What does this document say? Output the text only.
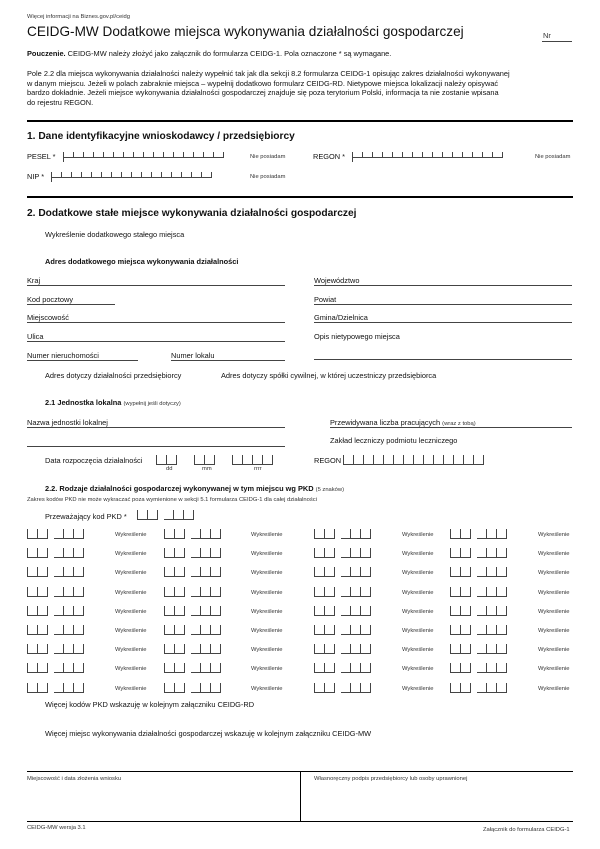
Więcej informacji na Biznes.gov.pl/ceidg
CEIDG-MW Dodatkowe miejsca wykonywania działalności gospodarczej	Nr
Pouczenie. CEIDG-MW należy złożyć jako załącznik do formularza CEIDG-1. Pola oznaczone * są wymagane.
Pole 2.2 dla miejsca wykonywania działalności należy wypełnić tak jak dla sekcji 8.2 formularza CEIDG-1 opisując zakres działalności wykonywanej
w danym miejscu. Jeżeli w polach zabraknie miejsca – wypełnij dodatkowo formularz CEIDG-RD. Nietypowe miejsca lokalizacji należy opisywać
bardzo dokładnie. Jeżeli miejsce wykonywania działalności gospodarczej znajduje się poza terytorium Polski, informacja ta nie zostanie wpisana
do rejestru REGON.
1. Dane identyfikacyjne wnioskodawcy / przedsiębiorcy
PESEL *	Nie posiadam	REGON *	Nie posiadam
NIP *	Nie posiadam
2. Dodatkowe stałe miejsce wykonywania działalności gospodarczej
Wykreślenie dodatkowego stałego miejsca
Adres dodatkowego miejsca wykonywania działalności
Kraj	Województwo
Kod pocztowy	Powiat
Miejscowość	Gmina/Dzielnica
Ulica	Opis nietypowego miejsca
Numer nieruchomości	Numer lokalu
Adres dotyczy działalności przedsiębiorcy	Adres dotyczy spółki cywilnej, w której uczestniczy przedsiębiorca
2.1 Jednostka lokalna (wypełnij jeśli dotyczy)
Nazwa jednostki lokalnej	Przewidywana liczba pracujących (wraz z tobą)
Zakład leczniczy podmiotu leczniczego
Data rozpoczęcia działalności
dd	mm	rrrr
REGON
2.2. Rodzaje działalności gospodarczej wykonywanej w tym miejscu wg PKD (5 znaków)
Zakres kodów PKD nie może wykraczać poza wymienione w sekcji 5.1 formularza CEIDG-1 dla całej działalności
Przeważający kod PKD *
Wykreślenie	Wykreślenie	Wykreślenie	Wykreślenie
Wykreślenie	Wykreślenie	Wykreślenie	Wykreślenie
Wykreślenie	Wykreślenie	Wykreślenie	Wykreślenie
Wykreślenie	Wykreślenie	Wykreślenie	Wykreślenie
Wykreślenie	Wykreślenie	Wykreślenie	Wykreślenie
Wykreślenie	Wykreślenie	Wykreślenie	Wykreślenie
Wykreślenie	Wykreślenie	Wykreślenie	Wykreślenie
Wykreślenie	Wykreślenie	Wykreślenie	Wykreślenie
Wykreślenie	Wykreślenie	Wykreślenie	Wykreślenie
Więcej kodów PKD wskazuję w kolejnym załączniku CEIDG-RD
Więcej miejsc wykonywania działalności gospodarczej wskazuję w kolejnym załączniku CEIDG-MW
Miejscowość i data złożenia wniosku	Własnoręczny podpis przedsiębiorcy lub osoby uprawnionej
CEIDG-MW wersja 3.1	Załącznik do formularza CEIDG-1
